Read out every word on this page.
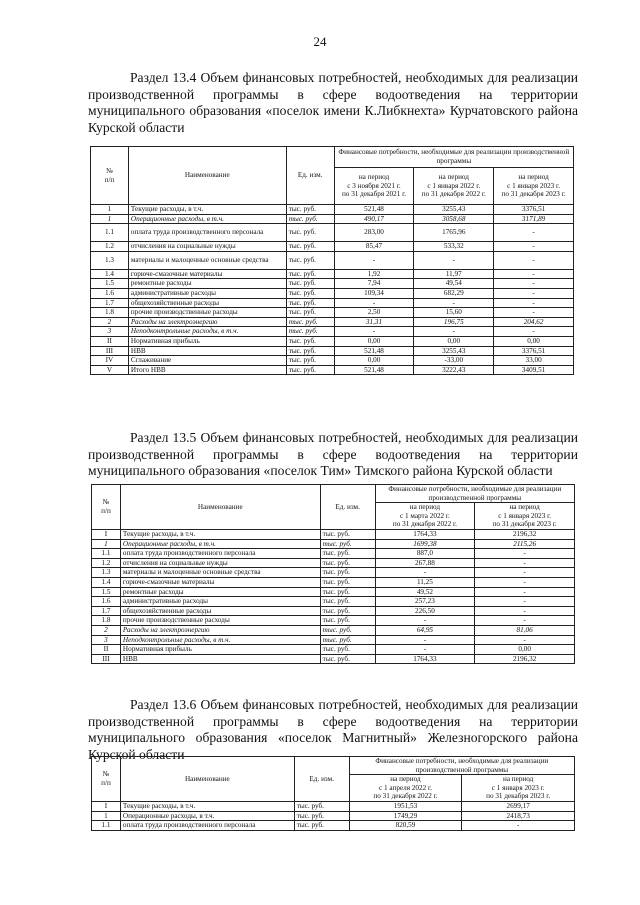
24

Раздел 13.4 Объем финансовых потребностей, необходимых для реализации производственной программы в сфере водоотведения на территории муниципального образования «поселок имени К.Либкнехта» Курчатовского района Курской области

№
п/п	Наименование	Ед. изм.	Финансовые потребности, необходимые для реализации производственной программы		
			на период
с 3 ноября 2021 г.
по 31 декабря 2021 г.	на период
с 1 января 2022 г.
по 31 декабря 2022 г.	на период
с 1 января 2023 г.
по 31 декабря 2023 г.
1	Текущие расходы, в т.ч.	тыс. руб.	521,48	3255,43	3376,51
1	Операционные расходы, в т.ч.	тыс. руб.	490,17	3058,68	3171,89
1.1	оплата труда производственного персонала	тыс. руб.	283,00	1765,96	-
1.2	отчисления на социальные нужды	тыс. руб.	85,47	533,32	-
1.3	материалы и малоценные основные средства	тыс. руб.	-	-	-
1.4	горюче-смазочные материалы	тыс. руб.	1,92	11,97	-
1.5	ремонтные расходы	тыс. руб.	7,94	49,54	-
1.6	административные расходы	тыс. руб.	109,34	682,29	-
1.7	общехозяйственные расходы	тыс. руб.	-	-	-
1.8	прочие производственные расходы	тыс. руб.	2,50	15,60	-
2	Расходы на электроэнергию	тыс. руб.	31,31	196,75	204,62
3	Неподконтрольные расходы, в т.ч.	тыс. руб.	-	-	-
II	Нормативная прибыль	тыс. руб.	0,00	0,00	0,00
III	НВВ	тыс. руб.	521,48	3255,43	3376,51
IV	Сглаживание	тыс. руб.	0,00	-33,00	33,00
V	Итого НВВ	тыс. руб.	521,48	3222,43	3409,51

Раздел 13.5 Объем финансовых потребностей, необходимых для реализации производственной программы в сфере водоотведения на территории муниципального образования «поселок Тим» Тимского района Курской области

№
п/п	Наименование	Ед. изм.	Финансовые потребности, необходимые для реализации производственной программы	
			на период
с 1 марта 2022 г.
по 31 декабря 2022 г.	на период
с 1 января 2023 г.
по 31 декабря 2023 г.
I	Текущие расходы, в т.ч.	тыс. руб.	1764,33	2196,32
1	Операционные расходы, в т.ч.	тыс. руб.	1699,38	2115,26
1.1	оплата труда производственного персонала	тыс. руб.	887,0	-
1.2	отчисления на социальные нужды	тыс. руб.	267,88	-
1.3	материалы и малоценные основные средства	тыс. руб.	-	-
1.4	горюче-смазочные материалы	тыс. руб.	11,25	-
1.5	ремонтные расходы	тыс. руб.	49,52	-
1.6	административные расходы	тыс. руб.	257,23	-
1.7	общехозяйственные расходы	тыс. руб.	226,50	-
1.8	прочие производственные расходы	тыс. руб.	-	-
2	Расходы на электроэнергию	тыс. руб.	64,95	81,06
3	Неподконтрольные расходы, в т.ч.	тыс. руб.	-	-
II	Нормативная прибыль	тыс. руб.	-	0,00
III	НВВ	тыс. руб.	1764,33	2196,32

Раздел 13.6 Объем финансовых потребностей, необходимых для реализации производственной программы в сфере водоотведения на территории муниципального образования «поселок Магнитный» Железногорского района Курской области

№
п/п	Наименование	Ед. изм.	Финансовые потребности, необходимые для реализации производственной программы	
			на период
с 1 апреля 2022 г.
по 31 декабря 2022 г.	на период
с 1 января 2023 г.
по 31 декабря 2023 г.
I	Текущие расходы, в т.ч.	тыс. руб.	1951,53	2699,17
1	Операционные расходы, в т.ч.	тыс. руб.	1749,29	2418,73
1.1	оплата труда производственного персонала	тыс. руб.	820,59	-
